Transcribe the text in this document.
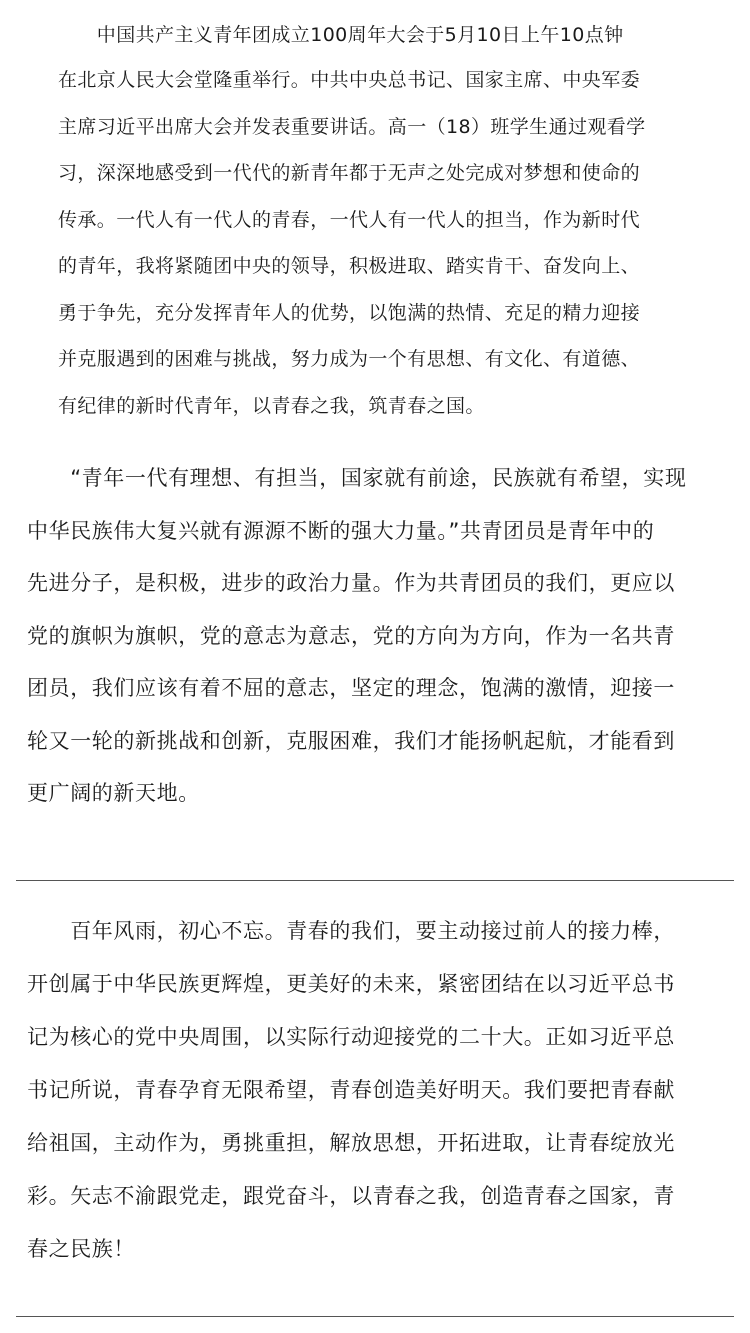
　　中国共产主义青年团成立100周年大会于5月10日上午10点钟
在北京人民大会堂隆重举行。中共中央总书记、国家主席、中央军委
主席习近平出席大会并发表重要讲话。高一（18）班学生通过观看学
习，深深地感受到一代代的新青年都于无声之处完成对梦想和使命的
传承。一代人有一代人的青春，一代人有一代人的担当，作为新时代
的青年，我将紧随团中央的领导，积极进取、踏实肯干、奋发向上、
勇于争先，充分发挥青年人的优势，以饱满的热情、充足的精力迎接
并克服遇到的困难与挑战，努力成为一个有思想、有文化、有道德、
有纪律的新时代青年，以青春之我，筑青春之国。
　　“青年一代有理想、有担当，国家就有前途，民族就有希望，实现
中华民族伟大复兴就有源源不断的强大力量。”共青团员是青年中的
先进分子，是积极，进步的政治力量。作为共青团员的我们，更应以
党的旗帜为旗帜，党的意志为意志，党的方向为方向，作为一名共青
团员，我们应该有着不屈的意志，坚定的理念，饱满的激情，迎接一
轮又一轮的新挑战和创新，克服困难，我们才能扬帆起航，才能看到
更广阔的新天地。
　　百年风雨，初心不忘。青春的我们，要主动接过前人的接力棒，
开创属于中华民族更辉煌，更美好的未来，紧密团结在以习近平总书
记为核心的党中央周围，以实际行动迎接党的二十大。正如习近平总
书记所说，青春孕育无限希望，青春创造美好明天。我们要把青春献
给祖国，主动作为，勇挑重担，解放思想，开拓进取，让青春绽放光
彩。矢志不渝跟党走，跟党奋斗，以青春之我，创造青春之国家，青
春之民族！
